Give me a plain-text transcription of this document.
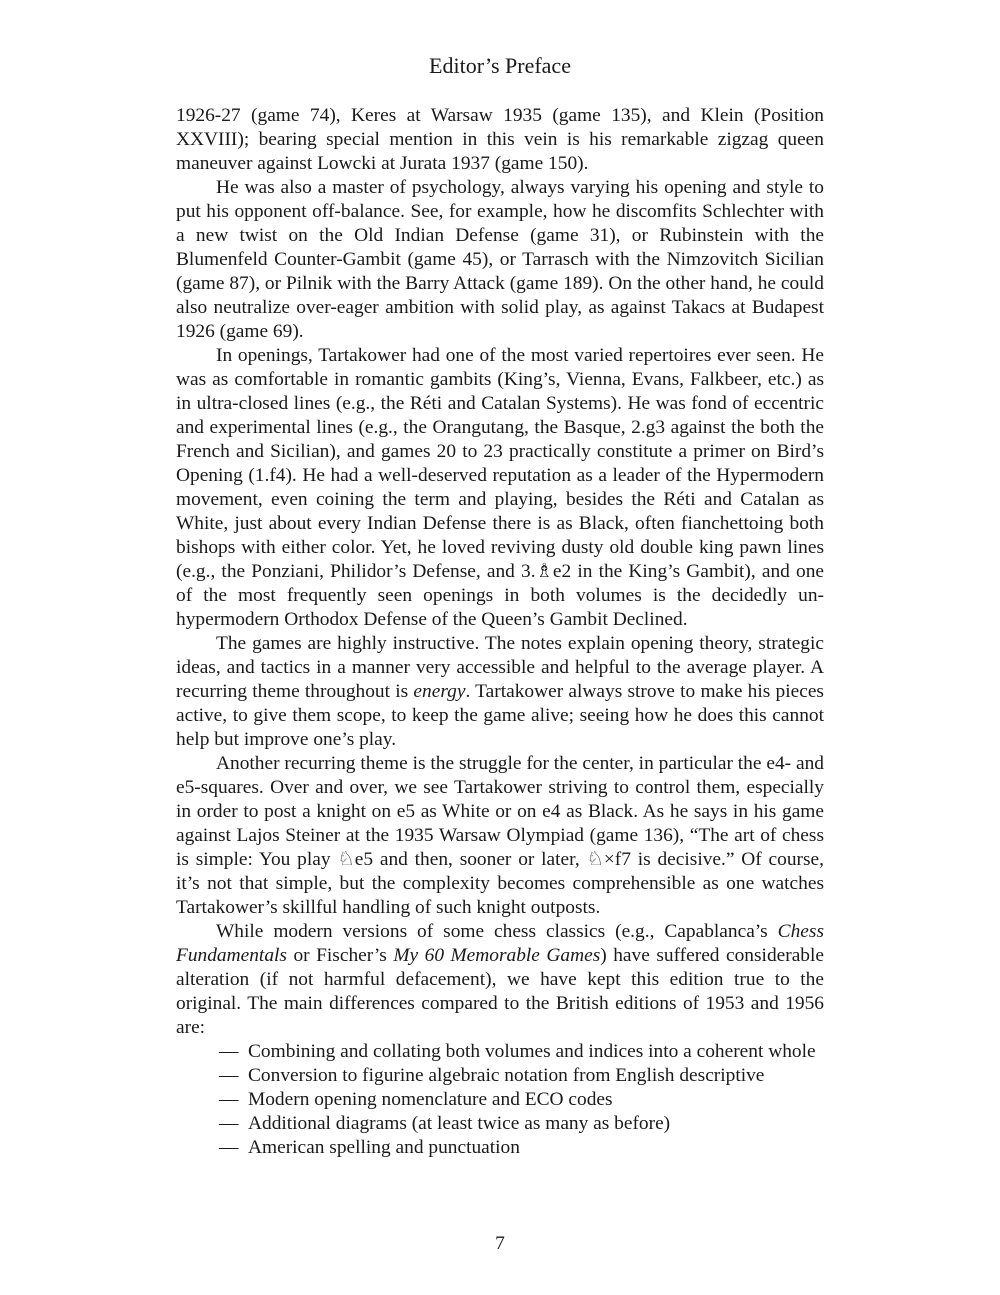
Editor’s Preface

1926-27 (game 74), Keres at Warsaw 1935 (game 135), and Klein (Position XXVIII); bearing special mention in this vein is his remarkable zigzag queen maneuver against Lowcki at Jurata 1937 (game 150).

He was also a master of psychology, always varying his opening and style to put his opponent off-balance. See, for example, how he discomfits Schlechter with a new twist on the Old Indian Defense (game 31), or Rubinstein with the Blumenfeld Counter-Gambit (game 45), or Tarrasch with the Nimzovitch Sicilian (game 87), or Pilnik with the Barry Attack (game 189). On the other hand, he could also neutralize over-eager ambition with solid play, as against Takacs at Budapest 1926 (game 69).

In openings, Tartakower had one of the most varied repertoires ever seen. He was as comfortable in romantic gambits (King’s, Vienna, Evans, Falkbeer, etc.) as in ultra-closed lines (e.g., the Réti and Catalan Systems). He was fond of eccentric and experimental lines (e.g., the Orangutang, the Basque, 2.g3 against the both the French and Sicilian), and games 20 to 23 practically constitute a primer on Bird’s Opening (1.f4). He had a well-deserved reputation as a leader of the Hypermodern movement, even coining the term and playing, besides the Réti and Catalan as White, just about every Indian Defense there is as Black, often fianchettoing both bishops with either color. Yet, he loved reviving dusty old double king pawn lines (e.g., the Ponziani, Philidor’s Defense, and 3.♗e2 in the King’s Gambit), and one of the most frequently seen openings in both volumes is the decidedly un-hypermodern Orthodox Defense of the Queen’s Gambit Declined.

The games are highly instructive. The notes explain opening theory, strategic ideas, and tactics in a manner very accessible and helpful to the average player. A recurring theme throughout is energy. Tartakower always strove to make his pieces active, to give them scope, to keep the game alive; seeing how he does this cannot help but improve one’s play.

Another recurring theme is the struggle for the center, in particular the e4- and e5-squares. Over and over, we see Tartakower striving to control them, especially in order to post a knight on e5 as White or on e4 as Black. As he says in his game against Lajos Steiner at the 1935 Warsaw Olympiad (game 136), “The art of chess is simple: You play ♘e5 and then, sooner or later, ♘×f7 is decisive.” Of course, it’s not that simple, but the complexity becomes comprehensible as one watches Tartakower’s skillful handling of such knight outposts.

While modern versions of some chess classics (e.g., Capablanca’s Chess Fundamentals or Fischer’s My 60 Memorable Games) have suffered considerable alteration (if not harmful defacement), we have kept this edition true to the original. The main differences compared to the British editions of 1953 and 1956 are:

— Combining and collating both volumes and indices into a coherent whole
— Conversion to figurine algebraic notation from English descriptive
— Modern opening nomenclature and ECO codes
— Additional diagrams (at least twice as many as before)
— American spelling and punctuation
7
